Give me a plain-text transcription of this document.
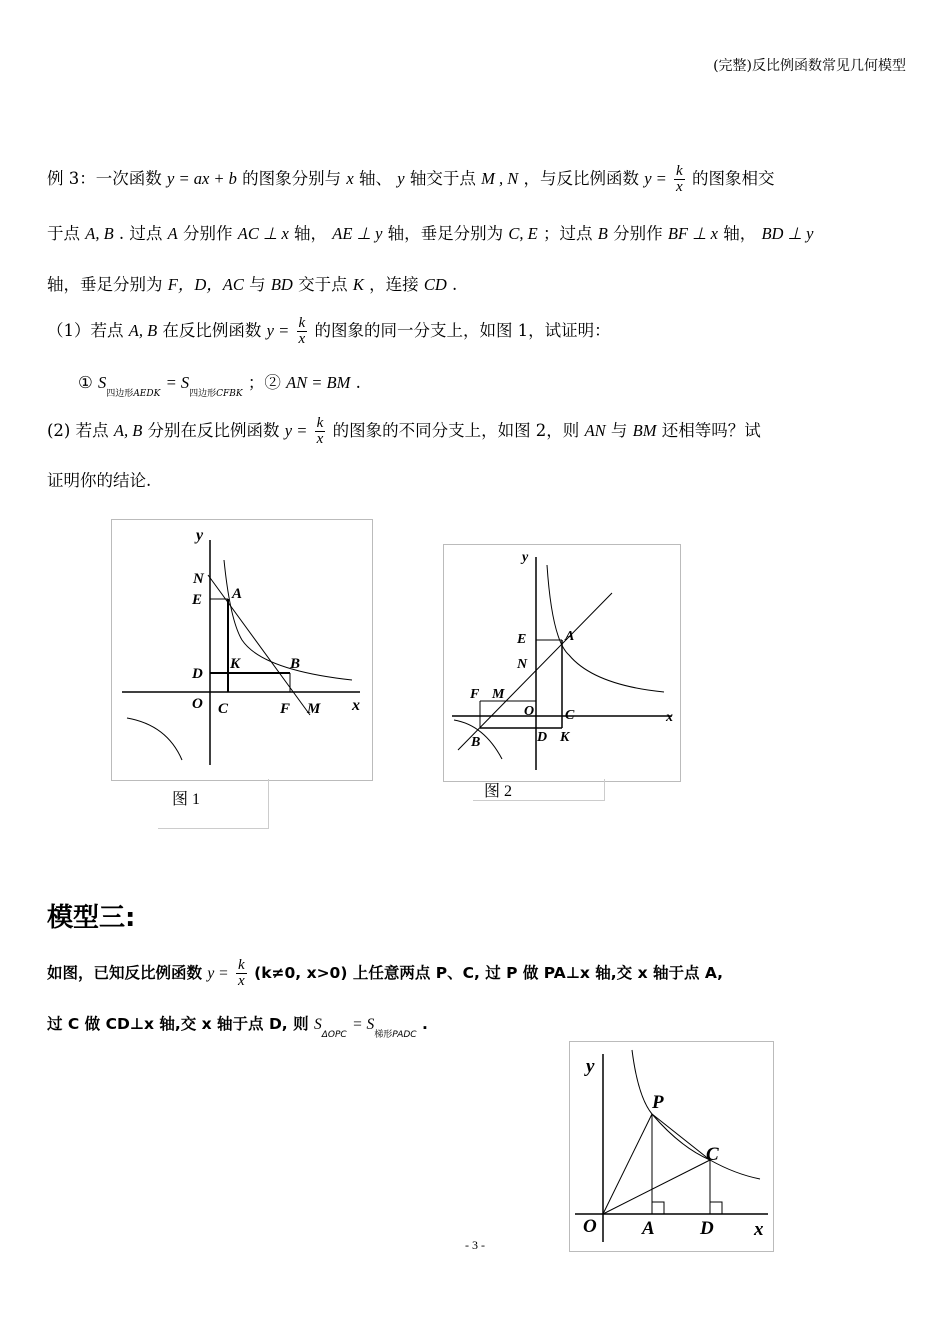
(完整)反比例函数常见几何模型
例 3：一次函数 y = ax + b 的图象分别与 x 轴、 y 轴交于点 M , N ，与反比例函数 $y = \frac{k}{x}$ 的图象相交
于点 A, B . 过点 A 分别作 AC ⊥ x 轴， AE ⊥ y 轴，垂足分别为 C, E ；过点 B 分别作 BF ⊥ x 轴， BD ⊥ y
轴，垂足分别为 F，D，AC 与 BD 交于点 K ，连接 CD .
（1）若点 A, B 在反比例函数 $y = \frac{k}{x}$ 的图象的同一分支上，如图 1，试证明：
① $S_{四边形AEDK} = S_{四边形CFBK}$ ；② AN = BM .
(2) 若点 A, B 分别在反比例函数 $y = \frac{k}{x}$ 的图象的不同分支上，如图 2，则 AN 与 BM 还相等吗？试
证明你的结论.
y
x
N
E A
D
K	B
O C	F M
图 1
y
x
E	A
N
F M
O C
B	D K
图 2
模型三:
如图，已知反比例函数 $y = \frac{k}{x} (k\ne 0$, x>0) 上任意两点 P、C, 过 P 做 PA⊥x 轴,交 x 轴于点 A,
过 C 做 CD⊥x 轴,交 x 轴于点 D, 则 $S_{\Delta OPC} = S_{梯形PADC}$ .
y
x
P
C
O A D
- 3 -
